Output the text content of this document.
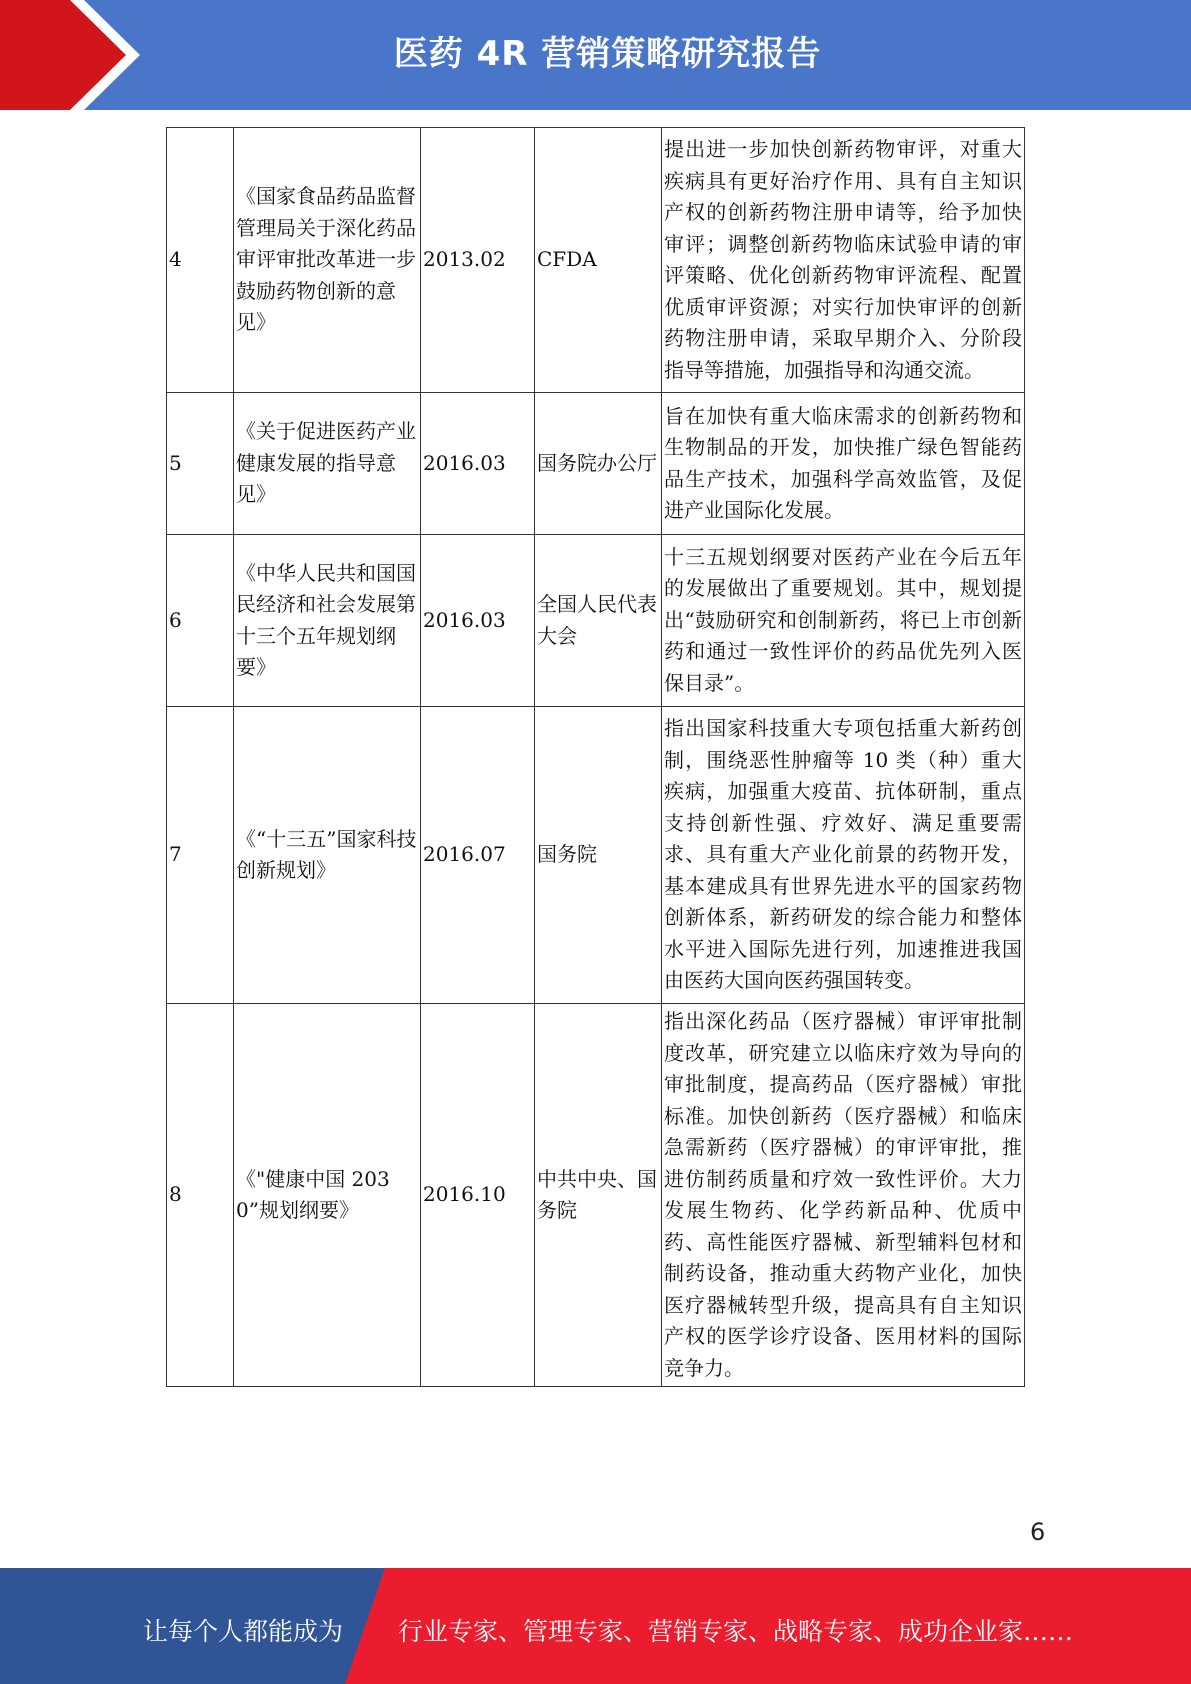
医药 4R 营销策略研究报告
4	《国家食品药品监督管理局关于深化药品审评审批改革进一步鼓励药物创新的意见》	2013.02	CFDA	提出进一步加快创新药物审评，对重大疾病具有更好治疗作用、具有自主知识产权的创新药物注册申请等，给予加快审评；调整创新药物临床试验申请的审评策略、优化创新药物审评流程、配置优质审评资源；对实行加快审评的创新药物注册申请，采取早期介入、分阶段指导等措施，加强指导和沟通交流。
5	《关于促进医药产业健康发展的指导意见》	2016.03	国务院办公厅	旨在加快有重大临床需求的创新药物和生物制品的开发，加快推广绿色智能药品生产技术，加强科学高效监管，及促进产业国际化发展。
6	《中华人民共和国国民经济和社会发展第十三个五年规划纲要》	2016.03	全国人民代表大会	十三五规划纲要对医药产业在今后五年的发展做出了重要规划。其中，规划提出“鼓励研究和创制新药，将已上市创新药和通过一致性评价的药品优先列入医保目录”。
7	《“十三五”国家科技创新规划》	2016.07	国务院	指出国家科技重大专项包括重大新药创制，围绕恶性肿瘤等 10 类（种）重大疾病，加强重大疫苗、抗体研制，重点支持创新性强、疗效好、满足重要需求、具有重大产业化前景的药物开发，基本建成具有世界先进水平的国家药物创新体系，新药研发的综合能力和整体水平进入国际先进行列，加速推进我国由医药大国向医药强国转变。
8	《"健康中国 2030”规划纲要》	2016.10	中共中央、国务院	指出深化药品（医疗器械）审评审批制度改革，研究建立以临床疗效为导向的审批制度，提高药品（医疗器械）审批标准。加快创新药（医疗器械）和临床急需新药（医疗器械）的审评审批，推进仿制药质量和疗效一致性评价。大力发展生物药、化学药新品种、优质中药、高性能医疗器械、新型辅料包材和制药设备，推动重大药物产业化，加快医疗器械转型升级，提高具有自主知识产权的医学诊疗设备、医用材料的国际竞争力。
6
让每个人都能成为 行业专家、管理专家、营销专家、战略专家、成功企业家……
